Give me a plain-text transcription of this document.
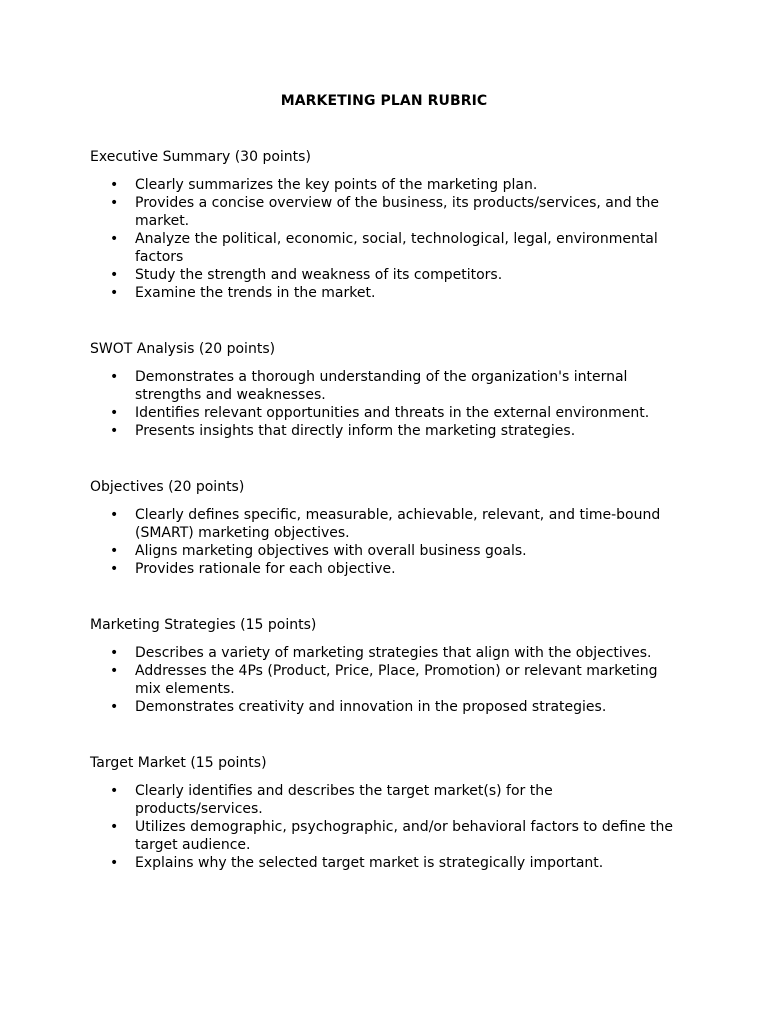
MARKETING PLAN RUBRIC
Executive Summary (30 points)
• Clearly summarizes the key points of the marketing plan.
• Provides a concise overview of the business, its products/services, and the market.
• Analyze the political, economic, social, technological, legal, environmental factors
• Study the strength and weakness of its competitors.
• Examine the trends in the market.
SWOT Analysis (20 points)
• Demonstrates a thorough understanding of the organization's internal strengths and weaknesses.
• Identifies relevant opportunities and threats in the external environment.
• Presents insights that directly inform the marketing strategies.
Objectives (20 points)
• Clearly defines specific, measurable, achievable, relevant, and time-bound (SMART) marketing objectives.
• Aligns marketing objectives with overall business goals.
• Provides rationale for each objective.
Marketing Strategies (15 points)
• Describes a variety of marketing strategies that align with the objectives.
• Addresses the 4Ps (Product, Price, Place, Promotion) or relevant marketing mix elements.
• Demonstrates creativity and innovation in the proposed strategies.
Target Market (15 points)
• Clearly identifies and describes the target market(s) for the products/services.
• Utilizes demographic, psychographic, and/or behavioral factors to define the target audience.
• Explains why the selected target market is strategically important.
